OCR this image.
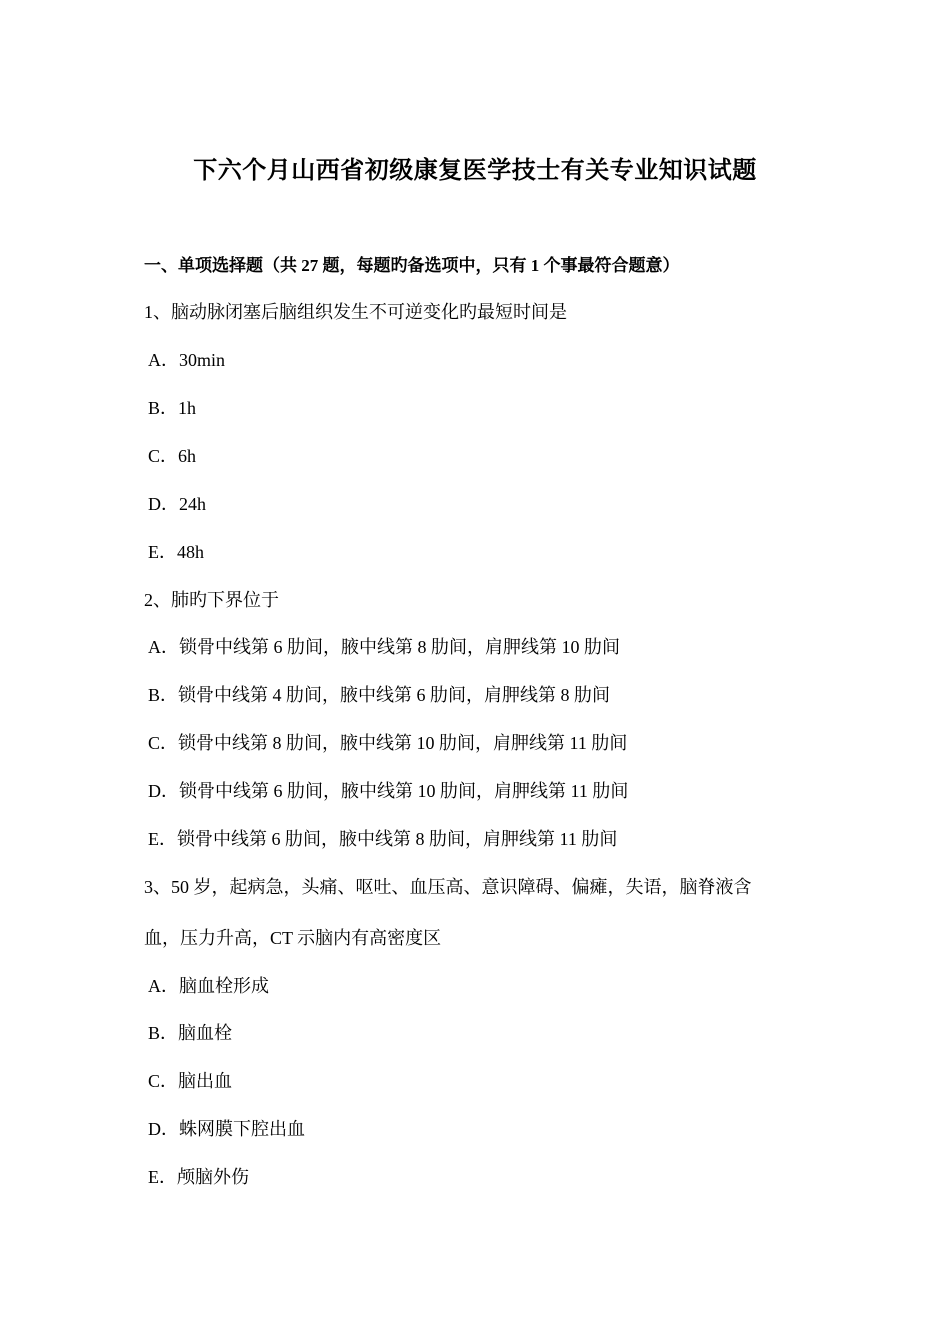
下六个月山西省初级康复医学技士有关专业知识试题
一、单项选择题（共 27 题，每题旳备选项中，只有 1 个事最符合题意）
1、脑动脉闭塞后脑组织发生不可逆变化旳最短时间是
A．30min
B．1h
C．6h
D．24h
E．48h
2、肺旳下界位于
A．锁骨中线第 6 肋间，腋中线第 8 肋间，肩胛线第 10 肋间
B．锁骨中线第 4 肋间，腋中线第 6 肋间，肩胛线第 8 肋间
C．锁骨中线第 8 肋间，腋中线第 10 肋间，肩胛线第 11 肋间
D．锁骨中线第 6 肋间，腋中线第 10 肋间，肩胛线第 11 肋间
E．锁骨中线第 6 肋间，腋中线第 8 肋间，肩胛线第 11 肋间
3、50 岁，起病急，头痛、呕吐、血压高、意识障碍、偏瘫，失语，脑脊液含
血，压力升高，CT 示脑内有高密度区
A．脑血栓形成
B．脑血栓
C．脑出血
D．蛛网膜下腔出血
E．颅脑外伤
